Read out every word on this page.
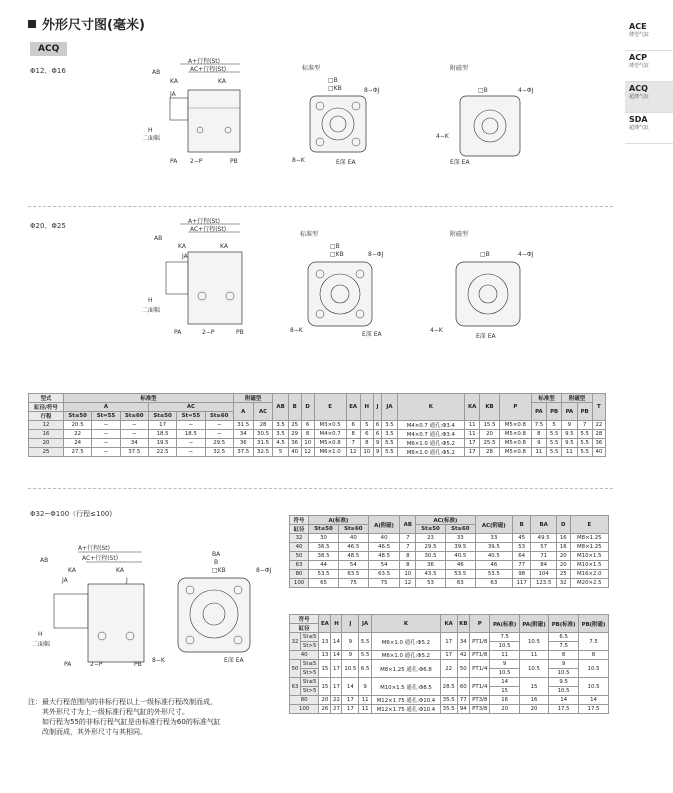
外形尺寸图(毫米)
ACQ
ACE
薄型气缸
ACP
薄型气缸
ACQ
超薄气缸
SDA
超薄气缸
Φ12、Φ16
Φ20、Φ25
Φ32~Φ100（行程≤100)
A+行程(St)
AC+行程(St)
AB
KA	KA
JA
H
二面幅
PA 2−P	PB
标准型
□B
□KB	8−ΦJ
8−K	E深 EA
附磁型
□B	4−ΦJ
4−K
E深 EA
A+行程(St)
AC+行程(St)
AB
KA	KA
JA
H
二面幅
PA	2−P	PB
标准型
□B
□KB	8−ΦJ
8−K
E深 EA
附磁型
□B	4−ΦJ
4−K
E深 EA
型式	标准型						附磁型		AB	B	D	E	EA	H	J	JA	K	KA	KB	P	标准型		附磁型		T
缸径/符号	A			AC			A	AC													PA	PB	PA	PB	
行程	St≤50	St=55	St≥60	St≤50	St=55	St≥60																			
12	20.5	−	−	17	−	−	31.5	28	3.5	25	6	M3×0.5	6	5	6	3.5	M4×0.7 通孔:Φ3.4	11	15.5	M5×0.8	7.5	5	9	7	22
16	22	−	−	18.5	18.5	−	34	30.5	3.5	29	8	M4×0.7	8	6	6	3.5	M4×0.7 通孔:Φ3.4	11	20	M5×0.8	8	5.5	9.5	5.5	28
20	24	−	34	19.5	−	29.5	36	31.5	4.5	36	10	M5×0.8	7	8	9	5.5	M6×1.0 通孔:Φ5.2	17	25.5	M5×0.8	9	5.5	9.5	5.5	36
25	27.5	−	37.5	22.5	−	32.5	37.5	32.5	5	40	12	M6×1.0	12	10	9	5.5	M6×1.0 通孔:Φ5.2	17	28	M5×0.8	11	5.5	11	5.5	40
A+行程(St)
AC+行程(St)
AB
KA	KA
JA	J
H
二面幅
PA	2−P	PB
BA
B
□KB	8−ΦJ
8−K	E深 EA
符号	A(标准)		A(附磁)	AB	AC(标准)		AC(附磁)	B	BA	D	E
缸径	St≤50	St≥60			St≤50	St≥60					
32	30	40	40	7	23	33	33	45	49.5	16	M8×1.25
40	36.5	46.5	46.5	7	29.5	39.5	39.5	53	57	16	M8×1.25
50	38.5	48.5	48.5	8	30.5	40.5	40.5	64	71	20	M10×1.5
63	44	54	54	8	36	46	46	77	84	20	M10×1.5
80	53.5	63.5	63.5	10	43.5	53.5	53.5	98	104	25	M16×2.0
100	65	75	75	12	53	63	63	117	123.5	32	M20×2.5
符号		EA	H	J	JA	K	KA	KB	P	PA(标准)	PA(附磁)	PB(标准)	PB(附磁)
缸径													
32	St≤5	13	14	9	5.5	M6×1.0 通孔:Φ5.2	17	34	PT1/8	7.5	10.5	6.5	7.5
	St>5									10.5		7.5	
40		13	14	9	5.5	M6×1.0 通孔:Φ5.2	17	42	PT1/8	11	11	8	8
50	St≤5	15	17	10.5	6.5	M8×1.25 通孔:Φ6.8	22	50	PT1/4	9	10.5	9	10.5
	St>5									10.5		10.5	
63	St≤5	15	17	14	9	M10×1.5 通孔:Φ8.5	28.5	60	PT1/4	14	15	9.5	10.5
	St>5									15		10.5	
80		20	22	17	11	M12×1.75 通孔:Φ10.4	35.5	77	PT3/8	16	16	14	14
100		26	27	17	11	M12×1.75 通孔:Φ10.4	35.5	94	PT3/8	20	20	17.5	17.5
注：最大行程范围内的非标行程以上一级标准行程改制而成，
其外形尺寸为上一级标准行程气缸的外形尺寸。
如行程为55的非标行程气缸是由标准行程为60的标准气缸
改制而成，其外形尺寸与其相同。
